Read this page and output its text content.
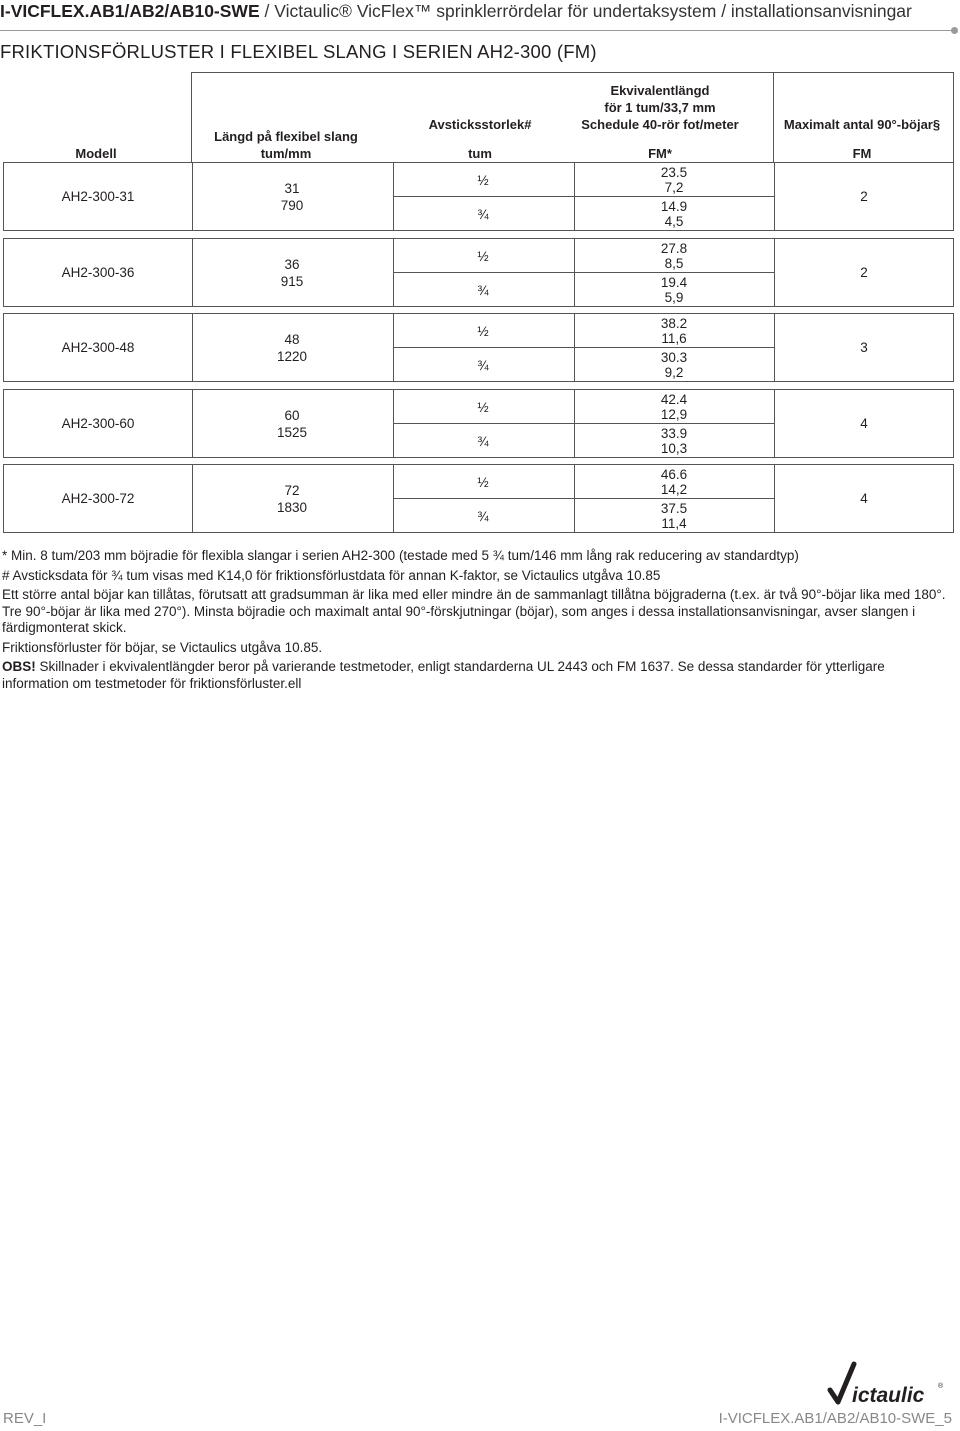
I-VICFLEX.AB1/AB2/AB10-SWE / Victaulic® VicFlex™ sprinklerrördelar för undertaksystem / installationsanvisningar
FRIKTIONSFÖRLUSTER I FLEXIBEL SLANG I SERIEN AH2-300 (FM)
Modell
Längd på flexibel slang
tum/mm
Avsticksstorlek#
tum
Ekvivalentlängd
för 1 tum/33,7 mm
Schedule 40-rör fot/meter
FM*
Maximalt antal 90°-böjar§
FM
AH2-300-31
31
790
½
¾
23.5
7,2
14.9
4,5
2
AH2-300-36
36
915
½
¾
27.8
8,5
19.4
5,9
2
AH2-300-48
48
1220
½
¾
38.2
11,6
30.3
9,2
3
AH2-300-60
60
1525
½
¾
42.4
12,9
33.9
10,3
4
AH2-300-72
72
1830
½
¾
46.6
14,2
37.5
11,4
4

* Min. 8 tum/203 mm böjradie för flexibla slangar i serien AH2-300 (testade med 5 ¾ tum/146 mm lång rak reducering av standardtyp)

# Avsticksdata för ¾ tum visas med K14,0 för friktionsförlustdata för annan K-faktor, se Victaulics utgåva 10.85

Ett större antal böjar kan tillåtas, förutsatt att gradsumman är lika med eller mindre än de sammanlagt tillåtna böjgraderna (t.ex. är två 90°-böjar lika med 180°. Tre 90°-böjar är lika med 270°). Minsta böjradie och maximalt antal 90°-förskjutningar (böjar), som anges i dessa installationsanvisningar, avser slangen i färdigmonterat skick.

Friktionsförluster för böjar, se Victaulics utgåva 10.85.

OBS! Skillnader i ekvivalentlängder beror på varierande testmetoder, enligt standarderna UL 2443 och FM 1637. Se dessa standarder för ytterligare information om testmetoder för friktionsförluster.ell

ictaulic ®
REV_I	I-VICFLEX.AB1/AB2/AB10-SWE_5
